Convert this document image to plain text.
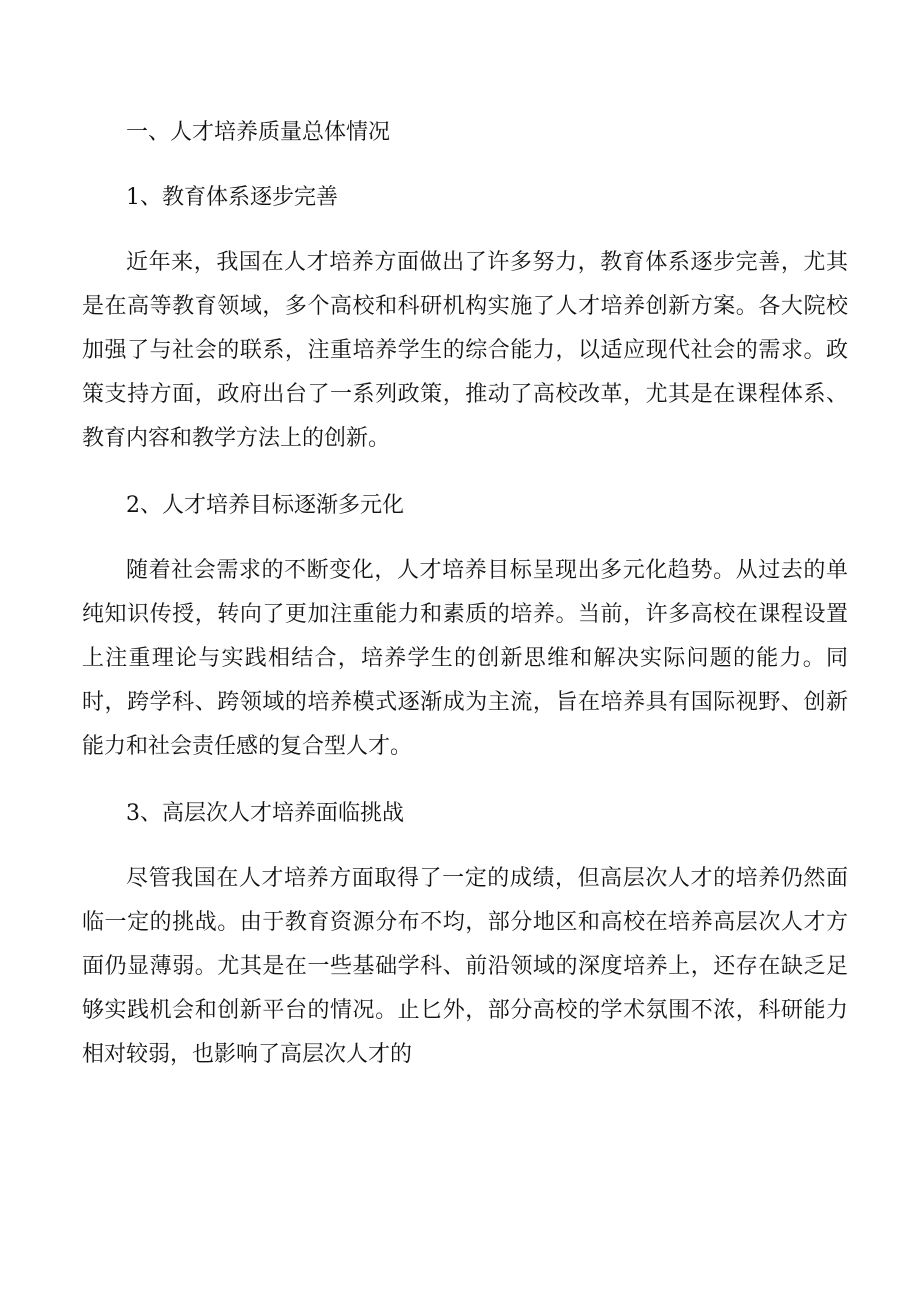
一、人才培养质量总体情况
1、教育体系逐步完善

近年来，我国在人才培养方面做出了许多努力，教育体系逐步完善，尤其是在高等教育领域，多个高校和科研机构实施了人才培养创新方案。各大院校加强了与社会的联系，注重培养学生的综合能力，以适应现代社会的需求。政策支持方面，政府出台了一系列政策，推动了高校改革，尤其是在课程体系、教育内容和教学方法上的创新。

2、人才培养目标逐渐多元化

随着社会需求的不断变化，人才培养目标呈现出多元化趋势。从过去的单纯知识传授，转向了更加注重能力和素质的培养。当前，许多高校在课程设置上注重理论与实践相结合，培养学生的创新思维和解决实际问题的能力。同时，跨学科、跨领域的培养模式逐渐成为主流，旨在培养具有国际视野、创新能力和社会责任感的复合型人才。

3、高层次人才培养面临挑战

尽管我国在人才培养方面取得了一定的成绩，但高层次人才的培养仍然面临一定的挑战。由于教育资源分布不均，部分地区和高校在培养高层次人才方面仍显薄弱。尤其是在一些基础学科、前沿领域的深度培养上，还存在缺乏足够实践机会和创新平台的情况。止匕外，部分高校的学术氛围不浓，科研能力相对较弱，也影响了高层次人才的
